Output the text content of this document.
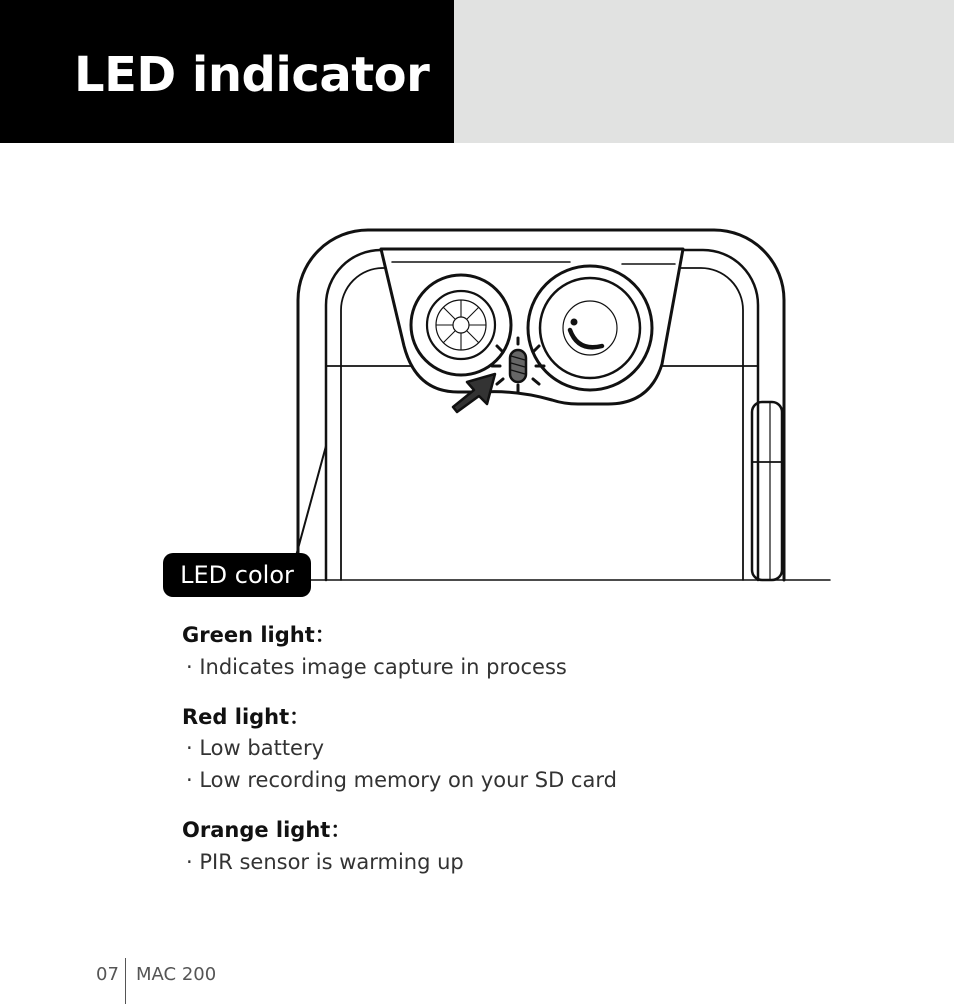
LED indicator
LED color
Green light：

· Indicates image capture in process

Red light：

· Low battery

· Low recording memory on your SD card

Orange light：

· PIR sensor is warming up

07 MAC 200
